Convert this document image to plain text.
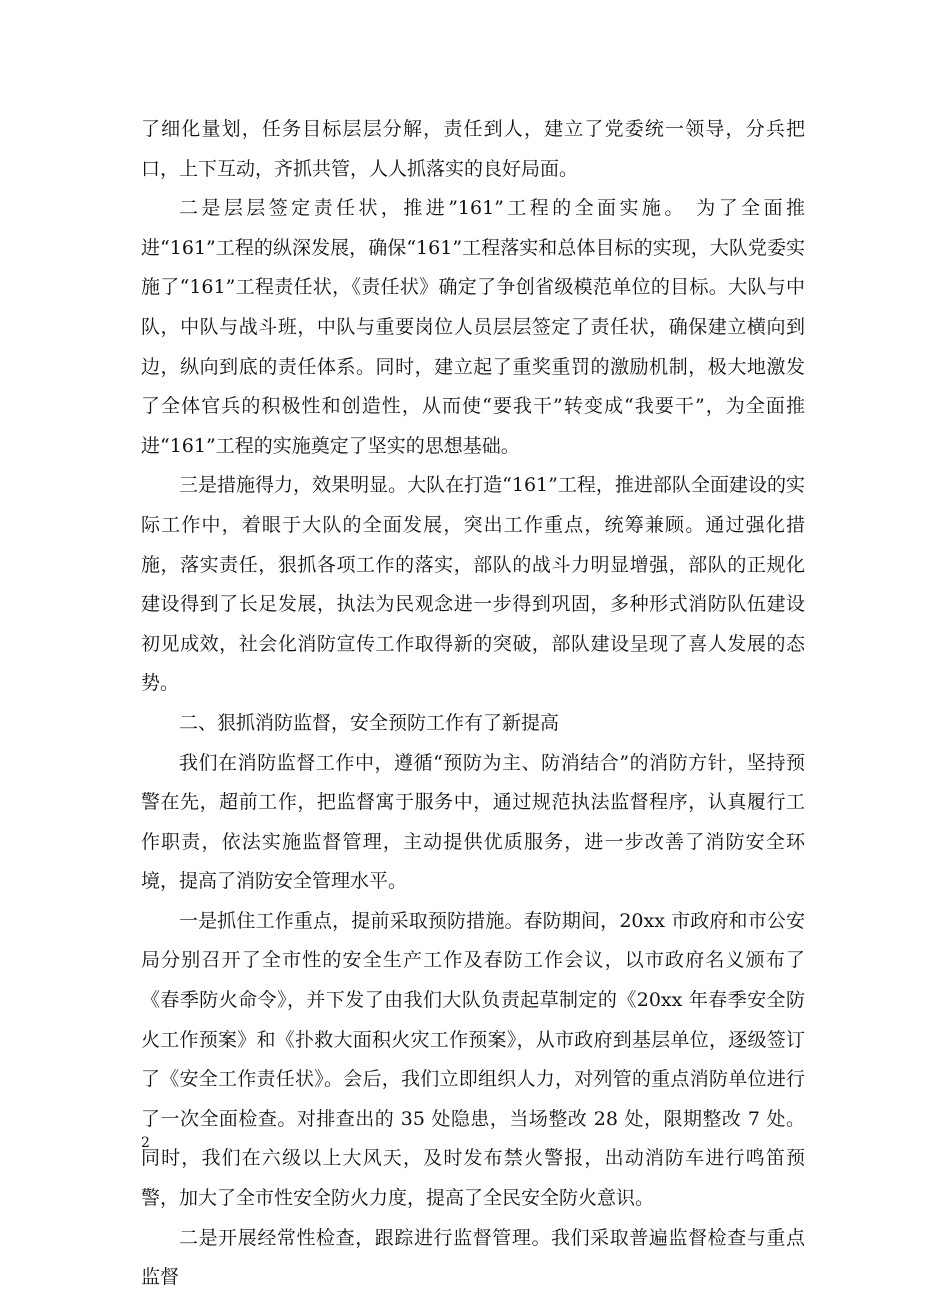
了细化量划，任务目标层层分解，责任到人，建立了党委统一领导，分兵把口，上下互动，齐抓共管，人人抓落实的良好局面。

二是层层签定责任状，推进”161”工程的全面实施。 为了全面推进“161”工程的纵深发展，确保“161”工程落实和总体目标的实现，大队党委实施了“161”工程责任状，《责任状》确定了争创省级模范单位的目标。大队与中队，中队与战斗班，中队与重要岗位人员层层签定了责任状，确保建立横向到边，纵向到底的责任体系。同时，建立起了重奖重罚的激励机制，极大地激发了全体官兵的积极性和创造性，从而使“要我干”转变成“我要干”，为全面推进“161”工程的实施奠定了坚实的思想基础。

三是措施得力，效果明显。大队在打造“161”工程，推进部队全面建设的实际工作中，着眼于大队的全面发展，突出工作重点，统筹兼顾。通过强化措施，落实责任，狠抓各项工作的落实，部队的战斗力明显增强，部队的正规化建设得到了长足发展，执法为民观念进一步得到巩固，多种形式消防队伍建设初见成效，社会化消防宣传工作取得新的突破，部队建设呈现了喜人发展的态势。

二、狠抓消防监督，安全预防工作有了新提高

我们在消防监督工作中，遵循“预防为主、防消结合”的消防方针，坚持预警在先，超前工作，把监督寓于服务中，通过规范执法监督程序，认真履行工作职责，依法实施监督管理，主动提供优质服务，进一步改善了消防安全环境，提高了消防安全管理水平。

一是抓住工作重点，提前采取预防措施。春防期间，20xx 市政府和市公安局分别召开了全市性的安全生产工作及春防工作会议，以市政府名义颁布了《春季防火命令》，并下发了由我们大队负责起草制定的《20xx 年春季安全防火工作预案》和《扑救大面积火灾工作预案》，从市政府到基层单位，逐级签订了《安全工作责任状》。会后，我们立即组织人力，对列管的重点消防单位进行了一次全面检查。对排查出的 35 处隐患，当场整改 28 处，限期整改 7 处。同时，我们在六级以上大风天，及时发布禁火警报，出动消防车进行鸣笛预警，加大了全市性安全防火力度，提高了全民安全防火意识。

二是开展经常性检查，跟踪进行监督管理。我们采取普遍监督检查与重点监督

2
